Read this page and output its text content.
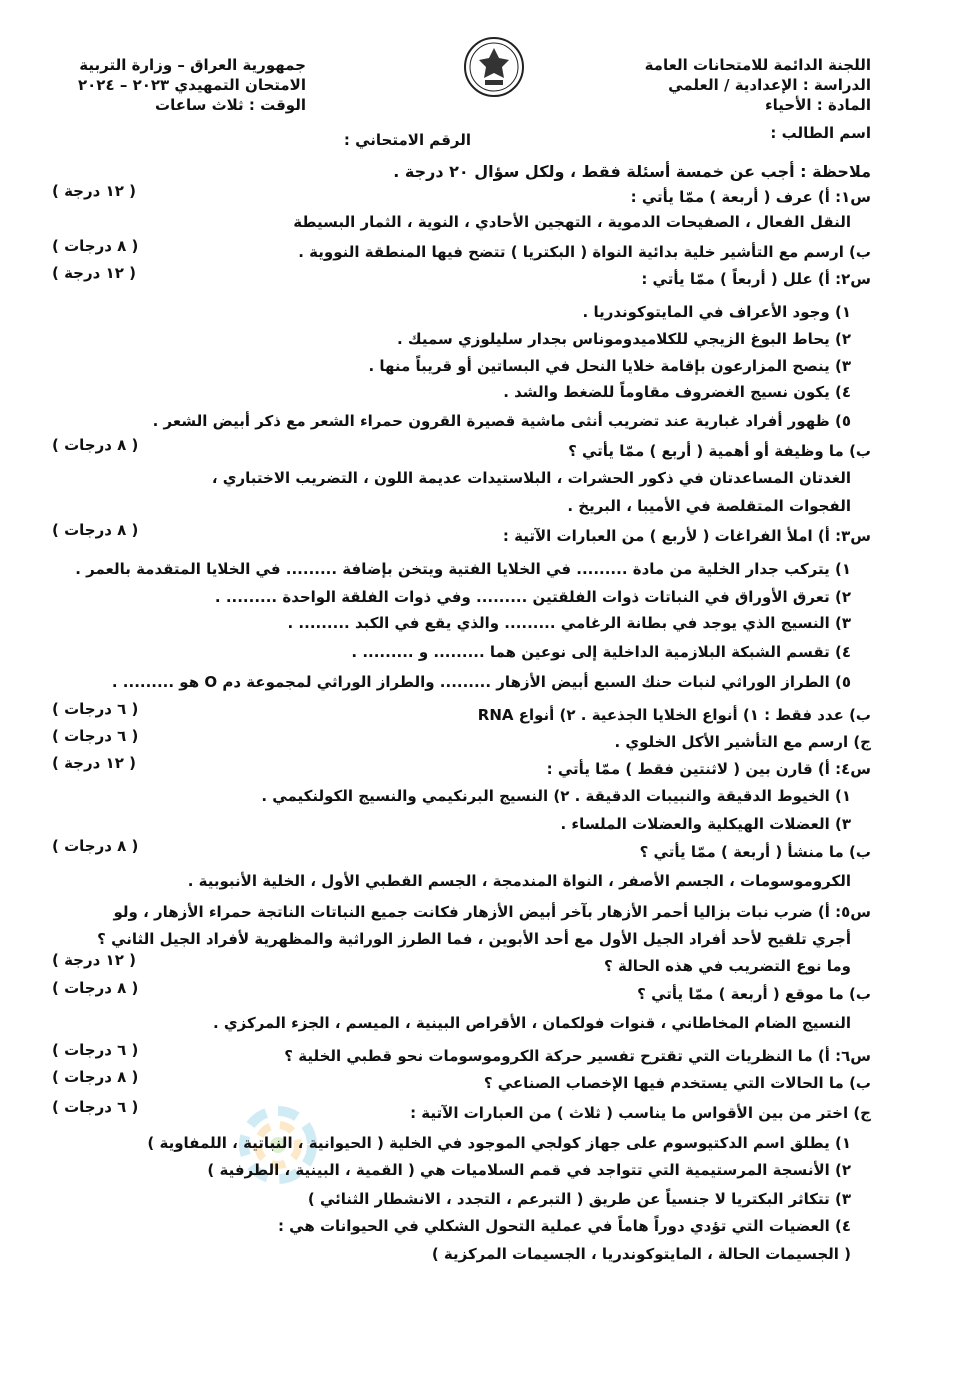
اللجنة الدائمة للامتحانات العامة
الدراسة : الإعدادية / العلمي
المادة : الأحياء
اسم الطالب :
جمهورية العراق – وزارة التربية
الامتحان التمهيدي ٢٠٢٣ – ٢٠٢٤
الوقت : ثلاث ساعات
الرقم الامتحاني :
ملاحظة : أجب عن خمسة أسئلة فقط ، ولكل سؤال ٢٠ درجة .
س١: أ) عرف ( أربعة ) ممّا يأتي :
( ١٢ درجة )
النقل الفعال ، الصفيحات الدموية ، التهجين الأحادي ، النوية ، الثمار البسيطة
ب) ارسم مع التأشير خلية بدائية النواة ( البكتريا ) تتضح فيها المنطقة النووية .
( ٨ درجات )
س٢: أ) علل ( أربعاً ) ممّا يأتي :
( ١٢ درجة )
١) وجود الأعراف في المايتوكوندريا .
٢) يحاط البوغ الزيجي للكلاميدوموناس بجدار سليلوزي سميك .
٣) ينصح المزارعون بإقامة خلايا النحل في البساتين أو قريباً منها .
٤) يكون نسيج الغضروف مقاوماً للضغط والشد .
٥) ظهور أفراد غبارية عند تضريب أنثى ماشية قصيرة القرون حمراء الشعر مع ذكر أبيض الشعر .
ب) ما وظيفة أو أهمية ( أربع ) ممّا يأتي ؟
( ٨ درجات )
الغدتان المساعدتان في ذكور الحشرات ، البلاستيدات عديمة اللون ، التضريب الاختباري ،
الفجوات المتقلصة في الأميبا ، البريخ .
س٣: أ) املأ الفراغات ( لأربع ) من العبارات الآتية :
( ٨ درجات )
١) يتركب جدار الخلية من مادة ......... في الخلايا الفتية ويتخن بإضافة ......... في الخلايا المتقدمة بالعمر .
٢) تعرق الأوراق في النباتات ذوات الفلقتين ......... وفي ذوات الفلقة الواحدة ......... .
٣) النسيج الذي يوجد في بطانة الرغامي ......... والذي يقع في الكبد ......... .
٤) تقسم الشبكة البلازمية الداخلية إلى نوعين هما ......... و ......... .
٥) الطراز الوراثي لنبات حنك السبع أبيض الأزهار ......... والطراز الوراثي لمجموعة دم O هو ......... .
ب) عدد فقط : ١) أنواع الخلايا الجذعية . ٢) أنواع RNA
( ٦ درجات )
ج) ارسم مع التأشير الأكل الخلوي .
( ٦ درجات )
س٤: أ) قارن بين ( لاثنتين فقط ) ممّا يأتي :
( ١٢ درجة )
١) الخيوط الدقيقة والنبيبات الدقيقة . ٢) النسيج البرنكيمي والنسيج الكولنكيمي .
٣) العضلات الهيكلية والعضلات الملساء .
ب) ما منشأ ( أربعة ) ممّا يأتي ؟
( ٨ درجات )
الكروموسومات ، الجسم الأصفر ، النواة المندمجة ، الجسم القطبي الأول ، الخلية الأنبوبية .
س٥: أ) ضرب نبات بزاليا أحمر الأزهار بآخر أبيض الأزهار فكانت جميع النباتات الناتجة حمراء الأزهار ، ولو
أجري تلقيح لأحد أفراد الجيل الأول مع أحد الأبوين ، فما الطرز الوراثية والمظهرية لأفراد الجيل الثاني ؟
وما نوع التضريب في هذه الحالة ؟
( ١٢ درجة )
ب) ما موقع ( أربعة ) ممّا يأتي ؟
( ٨ درجات )
النسيج الضام المخاطاني ، قنوات فولكمان ، الأقراص البينية ، الميسم ، الجزء المركزي .
س٦: أ) ما النظريات التي تقترح تفسير حركة الكروموسومات نحو قطبي الخلية ؟
( ٦ درجات )
ب) ما الحالات التي يستخدم فيها الإخصاب الصناعي ؟
( ٨ درجات )
ج) اختر من بين الأقواس ما يناسب ( ثلاث ) من العبارات الآتية :
( ٦ درجات )
١) يطلق اسم الدكتيوسوم على جهاز كولجي الموجود في الخلية ( الحيوانية ، النباتية ، اللمفاوية )
٢) الأنسجة المرستيمية التي تتواجد في قمم السلاميات هي ( القمية ، البينية ، الطرفية )
٣) تتكاثر البكتريا لا جنسياً عن طريق ( التبرعم ، التجدد ، الانشطار الثنائي )
٤) العضيات التي تؤدي دوراً هاماً في عملية التحول الشكلي في الحيوانات هي :
( الجسيمات الحالة ، المايتوكوندريا ، الجسيمات المركزية )
